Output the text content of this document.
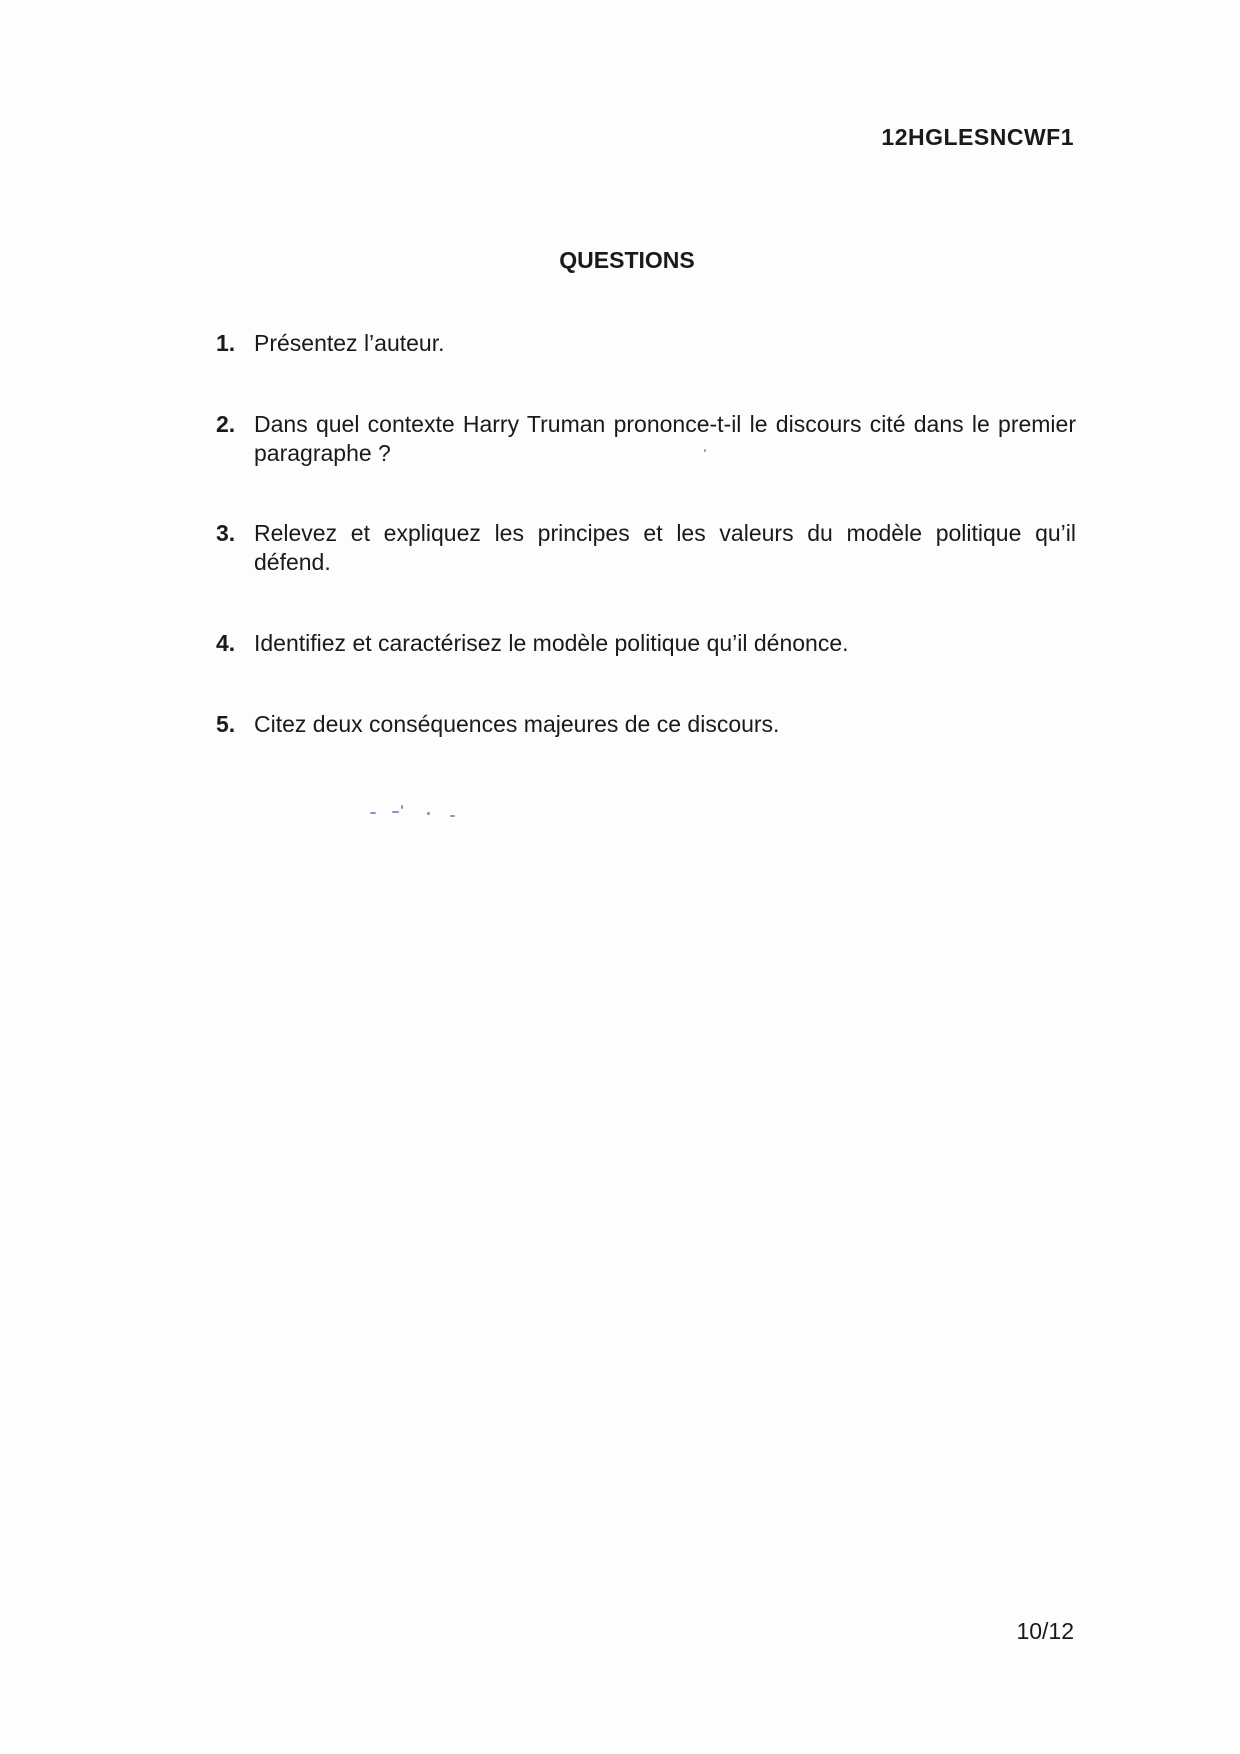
12HGLESNCWF1
QUESTIONS
1. Présentez l’auteur.
2. Dans quel contexte Harry Truman prononce-t-il le discours cité dans le premier paragraphe ?
3. Relevez et expliquez les principes et les valeurs du modèle politique qu’il défend.
4. Identifiez et caractérisez le modèle politique qu’il dénonce.
5. Citez deux conséquences majeures de ce discours.
10/12
